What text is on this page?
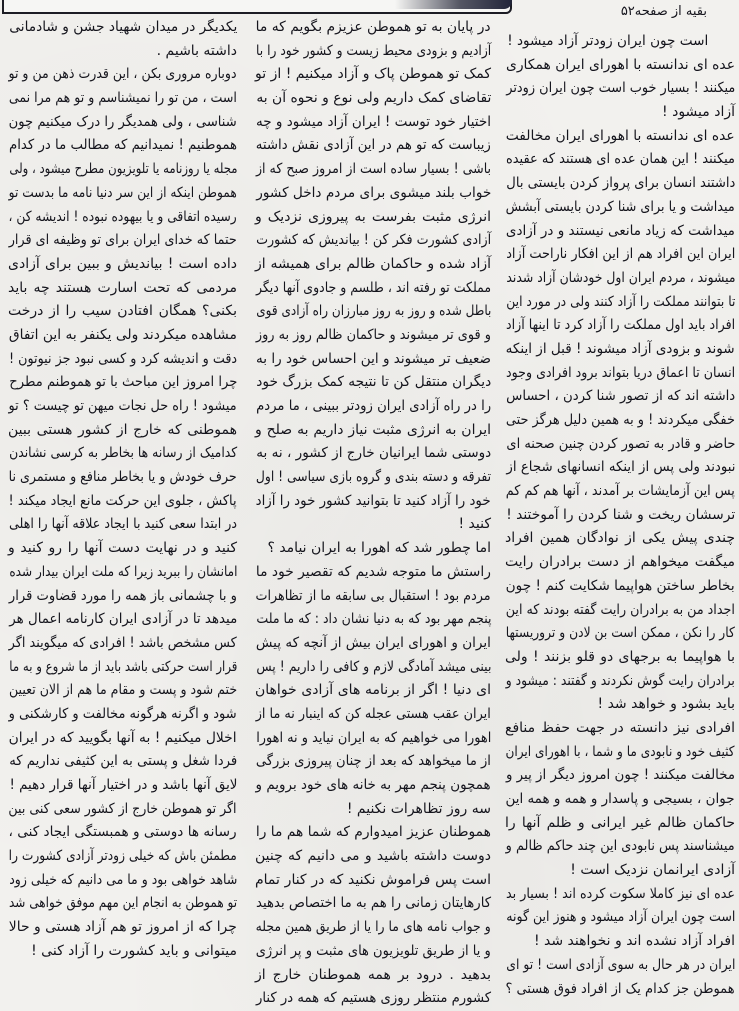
بقیه از صفحه۵۲
است چون ایران زودتر آزاد میشود !
عده ای ندانسته با اهورای ایران همکاری
میکنند ! بسیار خوب است چون ایران زودتر
آزاد میشود !
عده ای ندانسته با اهورای ایران مخالفت
میکنند ! این همان عده ای هستند که عقیده
داشتند انسان برای پرواز کردن بایستی بال
میداشت و یا برای شنا کردن بایستی آبشش
میداشت که زیاد مانعی نیستند و در آزادی
ایران این افراد هم از این افکار ناراحت آزاد
میشوند ، مردم ایران اول خودشان آزاد شدند
تا بتوانند مملکت را آزاد کنند ولی در مورد این
افراد باید اول مملکت را آزاد کرد تا اینها آزاد
شوند و بزودی آزاد میشوند ! قبل از اینکه
انسان تا اعماق دریا بتواند برود افرادی وجود
داشته اند که از تصور شنا کردن ، احساس
خفگی میکردند ! و به همین دلیل هرگز حتی
حاضر و قادر به تصور کردن چنین صحنه ای
نبودند ولی پس از اینکه انسانهای شجاع از
پس این آزمایشات بر آمدند ، آنها هم کم کم
ترسشان ریخت و شنا کردن را آموختند !
چندی پیش یکی از نوادگان همین افراد
میگفت میخواهم از دست برادران رایت
بخاطر ساختن هواپیما شکایت کنم ! چون
اجداد من به برادران رایت گفته بودند که این
کار را نکن ، ممکن است بن لادن و تروریستها
با هواپیما به برجهای دو قلو بزنند ! ولی
برادران رایت گوش نکردند و گفتند : میشود و
باید بشود و خواهد شد !
افرادی نیز دانسته در جهت حفظ منافع
کثیف خود و نابودی ما و شما ، با اهورای ایران
مخالفت میکنند ! چون امروز دیگر از پیر و
جوان ، بسیجی و پاسدار و همه و همه این
حاکمان ظالم غیر ایرانی و ظلم آنها را
میشناسند پس نابودی این چند حاکم ظالم و
آزادی ایرانمان نزدیک است !
عده ای نیز کاملا سکوت کرده اند ! بسیار بد
است چون ایران آزاد میشود و هنوز این گونه
افراد آزاد نشده اند و نخواهند شد !
ایران در هر حال به سوی آزادی است ! تو ای
هموطن جز کدام یک از افراد فوق هستی ؟
در پایان به تو هموطن عزیزم بگویم که ما
آزادیم و بزودی محیط زیست و کشور خود را با
کمک تو هموطن پاک و آزاد میکنیم ! از تو
تقاضای کمک داریم ولی نوع و نحوه آن به
اختیار خود توست ! ایران آزاد میشود و چه
زیباست که تو هم در این آزادی نقش داشته
باشی ! بسیار ساده است از امروز صبح که از
خواب بلند میشوی برای مردم داخل کشور
انرژی مثبت بفرست به پیروزی نزدیک و
آزادی کشورت فکر کن ! بیاندیش که کشورت
آزاد شده و حاکمان ظالم برای همیشه از
مملکت تو رفته اند ، طلسم و جادوی آنها دیگر
باطل شده و روز به روز مبارزان راه آزادی قوی
و قوی تر میشوند و حاکمان ظالم روز به روز
ضعیف تر میشوند و این احساس خود را به
دیگران منتقل کن تا نتیجه کمک بزرگ خود
را در راه آزادی ایران زودتر ببینی ، ما مردم
ایران به انرژی مثبت نیاز داریم به صلح و
دوستی شما ایرانیان خارج از کشور ، نه به
تفرقه و دسته بندی و گروه بازی سیاسی ! اول
خود را آزاد کنید تا بتوانید کشور خود را آزاد
کنید !
اما چطور شد که اهورا به ایران نیامد ؟
راستش ما متوجه شدیم که تقصیر خود ما
مردم بود ! استقبال بی سابقه ما از تظاهرات
پنجم مهر بود که به دنیا نشان داد : که ما ملت
ایران و اهورای ایران بیش از آنچه که پیش
بینی میشد آمادگی لازم و کافی را داریم ! پس
ای دنیا ! اگر از برنامه های آزادی خواهان
ایران عقب هستی عجله کن که اینبار نه ما از
اهورا می خواهیم که به ایران نیاید و نه اهورا
از ما میخواهد که بعد از چنان پیروزی بزرگی
همچون پنجم مهر به خانه های خود برویم و
سه روز تظاهرات نکنیم !
هموطنان عزیز امیدوارم که شما هم ما را
دوست داشته باشید و می دانیم که چنین
است پس فراموش نکنید که در کنار تمام
کارهایتان زمانی را هم به ما اختصاص بدهید
و جواب نامه های ما را یا از طریق همین مجله
و یا از طریق تلویزیون های مثبت و پر انرژی
بدهید . درود بر همه هموطنان خارج از
کشورم منتظر روزی هستیم که همه در کنار
یکدیگر در میدان شهیاد جشن و شادمانی
داشته باشیم .
دوباره مروری بکن ، این قدرت ذهن من و تو
است ، من تو را نمیشناسم و تو هم مرا نمی
شناسی ، ولی همدیگر را درک میکنیم چون
هموطنیم ! نمیدانیم که مطالب ما در کدام
مجله یا روزنامه یا تلویزیون مطرح میشود ، ولی
هموطن اینکه از این سر دنیا نامه ما بدست تو
رسیده اتفاقی و یا بیهوده نبوده ! اندیشه کن ،
حتما که خدای ایران برای تو وظیفه ای قرار
داده است ! بیاندیش و ببین برای آزادی
مردمی که تحت اسارت هستند چه باید
بکنی؟ همگان افتادن سیب را از درخت
مشاهده میکردند ولی یکنفر به این اتفاق
دقت و اندیشه کرد و کسی نبود جز نیوتون !
چرا امروز این مباحث با تو هموطنم مطرح
میشود ! راه حل نجات میهن تو چیست ؟ تو
هموطنی که خارج از کشور هستی ببین
کدامیک از رسانه ها بخاطر به کرسی نشاندن
حرف خودش و یا بخاطر منافع و مستمری نا
پاکش ، جلوی این حرکت مانع ایجاد میکند !
در ابتدا سعی کنید با ایجاد علاقه آنها را اهلی
کنید و در نهایت دست آنها را رو کنید و
امانشان را ببرید زیرا که ملت ایران بیدار شده
و با چشمانی باز همه را مورد قضاوت قرار
میدهد تا در آزادی ایران کارنامه اعمال هر
کس مشخص باشد ! افرادی که میگویند اگر
قرار است حرکتی باشد باید از ما شروع و به ما
ختم شود و پست و مقام ما هم از الان تعیین
شود و اگرنه هرگونه مخالفت و کارشکنی و
اخلال میکنیم ! به آنها بگویید که در ایران
فردا شغل و پستی به این کثیفی نداریم که
لایق آنها باشد و در اختیار آنها قرار دهیم !
اگر تو هموطن خارج از کشور سعی کنی بین
رسانه ها دوستی و همبستگی ایجاد کنی ،
مطمئن باش که خیلی زودتر آزادی کشورت را
شاهد خواهی بود و ما می دانیم که خیلی زود
تو هموطن به انجام این مهم موفق خواهی شد
چرا که از امروز تو هم آزاد هستی و حالا
میتوانی و باید کشورت را آزاد کنی !
